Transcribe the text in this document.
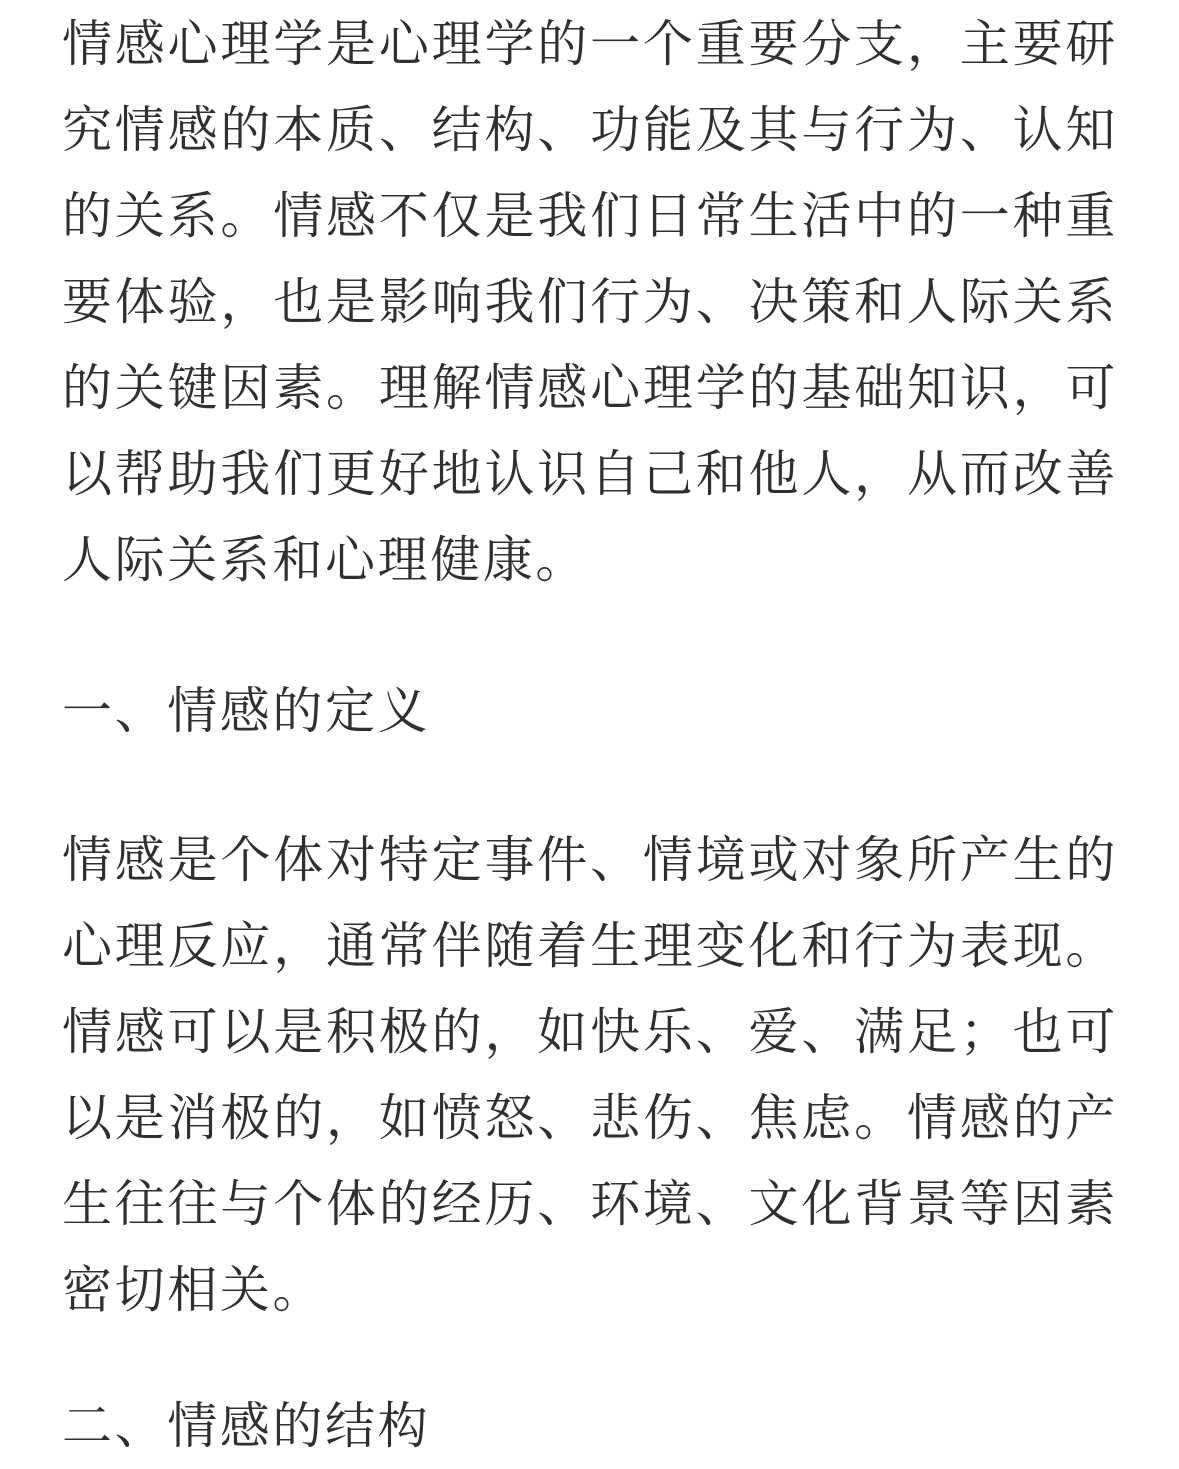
情感心理学是心理学的一个重要分支，主要研究情感的本质、结构、功能及其与行为、认知的关系。情感不仅是我们日常生活中的一种重要体验，也是影响我们行为、决策和人际关系的关键因素。理解情感心理学的基础知识，可以帮助我们更好地认识自己和他人，从而改善人际关系和心理健康。

一、情感的定义

情感是个体对特定事件、情境或对象所产生的心理反应，通常伴随着生理变化和行为表现。情感可以是积极的，如快乐、爱、满足；也可以是消极的，如愤怒、悲伤、焦虑。情感的产生往往与个体的经历、环境、文化背景等因素密切相关。

二、情感的结构
